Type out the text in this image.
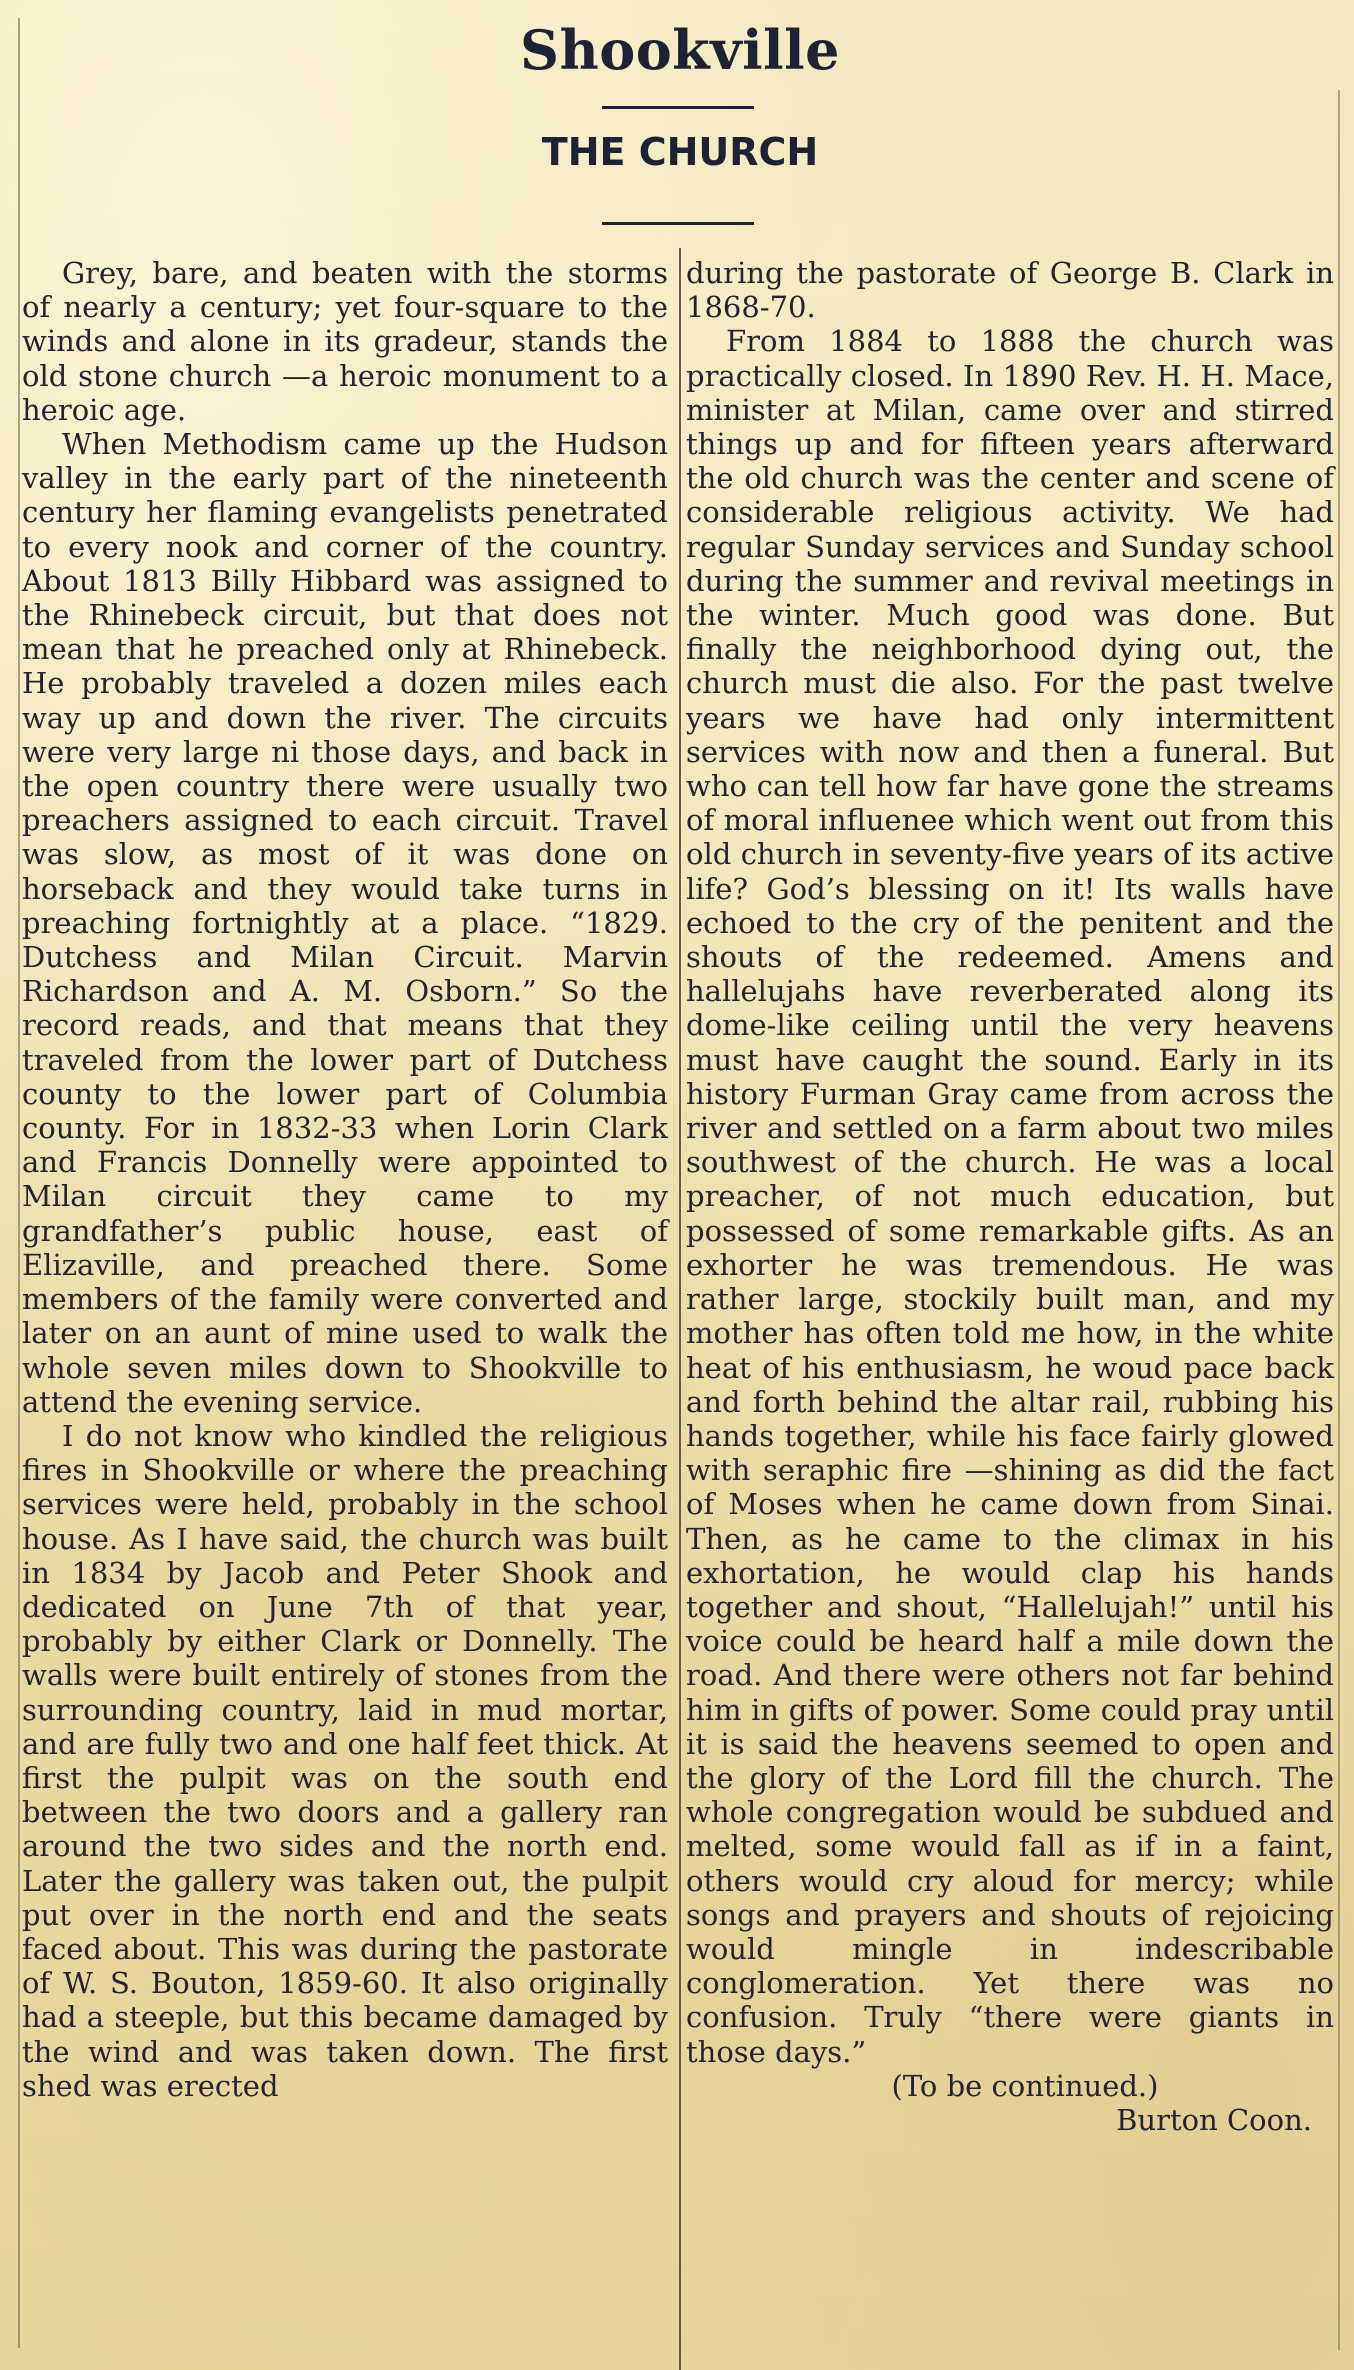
Shookville
THE CHURCH

Grey, bare, and beaten with the storms of nearly a century; yet four-square to the winds and alone in its gradeur, stands the old stone church —a heroic monument to a heroic age.

When Methodism came up the Hudson valley in the early part of the nineteenth century her flaming evangelists penetrated to every nook and corner of the country. About 1813 Billy Hibbard was assigned to the Rhinebeck circuit, but that does not mean that he preached only at Rhinebeck. He probably traveled a dozen miles each way up and down the river. The circuits were very large ni those days, and back in the open country there were usually two preachers assigned to each circuit. Travel was slow, as most of it was done on horseback and they would take turns in preaching fortnightly at a place. “1829. Dutchess and Milan Circuit. Marvin Richardson and A. M. Osborn.” So the record reads, and that means that they traveled from the lower part of Dutchess county to the lower part of Columbia county. For in 1832-33 when Lorin Clark and Francis Donnelly were appointed to Milan circuit they came to my grandfather’s public house, east of Elizaville, and preached there. Some members of the family were converted and later on an aunt of mine used to walk the whole seven miles down to Shookville to attend the evening service.

I do not know who kindled the religious fires in Shookville or where the preaching services were held, probably in the school house. As I have said, the church was built in 1834 by Jacob and Peter Shook and dedicated on June 7th of that year, probably by either Clark or Donnelly. The walls were built entirely of stones from the surrounding country, laid in mud mortar, and are fully two and one half feet thick. At first the pulpit was on the south end between the two doors and a gallery ran around the two sides and the north end. Later the gallery was taken out, the pulpit put over in the north end and the seats faced about. This was during the pastorate of W. S. Bouton, 1859-60. It also originally had a steeple, but this became damaged by the wind and was taken down. The first shed was erected

during the pastorate of George B. Clark in 1868-70.

From 1884 to 1888 the church was practically closed. In 1890 Rev. H. H. Mace, minister at Milan, came over and stirred things up and for fifteen years afterward the old church was the center and scene of considerable religious activity. We had regular Sunday services and Sunday school during the summer and revival meetings in the winter. Much good was done. But finally the neighborhood dying out, the church must die also. For the past twelve years we have had only intermittent services with now and then a funeral. But who can tell how far have gone the streams of moral influenee which went out from this old church in seventy-five years of its active life? God’s blessing on it! Its walls have echoed to the cry of the penitent and the shouts of the redeemed. Amens and hallelujahs have reverberated along its dome-like ceiling until the very heavens must have caught the sound. Early in its history Furman Gray came from across the river and settled on a farm about two miles southwest of the church. He was a local preacher, of not much education, but possessed of some remarkable gifts. As an exhorter he was tremendous. He was rather large, stockily built man, and my mother has often told me how, in the white heat of his enthusiasm, he woud pace back and forth behind the altar rail, rubbing his hands together, while his face fairly glowed with seraphic fire —shining as did the fact of Moses when he came down from Sinai. Then, as he came to the climax in his exhortation, he would clap his hands together and shout, “Hallelujah!” until his voice could be heard half a mile down the road. And there were others not far behind him in gifts of power. Some could pray until it is said the heavens seemed to open and the glory of the Lord fill the church. The whole congregation would be subdued and melted, some would fall as if in a faint, others would cry aloud for mercy; while songs and prayers and shouts of rejoicing would mingle in indescribable conglomeration. Yet there was no confusion. Truly “there were giants in those days.”

(To be continued.)

Burton Coon.
